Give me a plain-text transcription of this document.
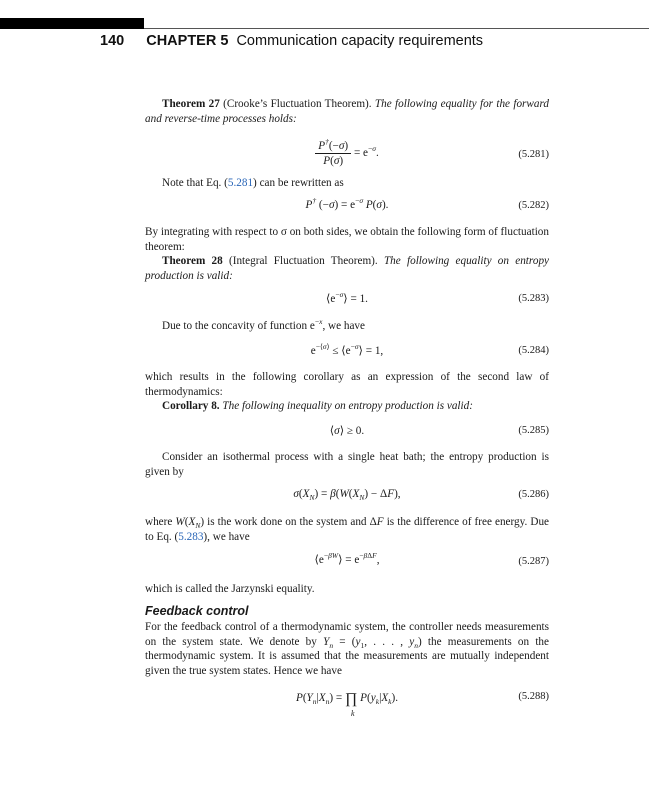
140 CHAPTER 5 Communication capacity requirements
Theorem 27 (Crooke’s Fluctuation Theorem). The following equality for the forward and reverse-time processes holds:
$\frac{P^\dagger(-\sigma)}{P(\sigma)} = e^{-\sigma}$.	(5.281)
Note that Eq. (5.281) can be rewritten as
P† $(-\sigma) = e^{-\sigma}$ P(σ).	(5.282)
By integrating with respect to σ on both sides, we obtain the following form of fluctuation theorem:
Theorem 28 (Integral Fluctuation Theorem). The following equality on entropy production is valid:
$⟨e^{-\sigma}⟩ = 1$.	(5.283)
Due to the concavity of function $e^{-x}$, we have
$e^{-⟨\sigma⟩}$ ≤ $⟨e^{-\sigma}⟩ = 1$,	(5.284)
which results in the following corollary as an expression of the second law of thermodynamics:
Corollary 8. The following inequality on entropy production is valid:
⟨σ⟩ ≥ 0.	(5.285)
Consider an isothermal process with a single heat bath; the entropy production is given by
$\sigma(X_N) = \beta(W(X_N) - \Delta F)$,	(5.286)
where $W(X_N)$ is the work done on the system and ΔF is the difference of free energy. Due to Eq. (5.283), we have
$⟨e^{-\beta W}⟩ = e^{-\beta\Delta F}$,	(5.287)
which is called the Jarzynski equality.
Feedback control
For the feedback control of a thermodynamic system, the controller needs measurements on the system state. We denote by $Y_n = (y_1$, . . . , $y_n$) the measurements on the thermodynamic system. It is assumed that the measurements are mutually independent given the true system states. Hence we have
$P(Y_n|X_n)$ = ∏
k
$P(y_k|X_k)$.	(5.288)
